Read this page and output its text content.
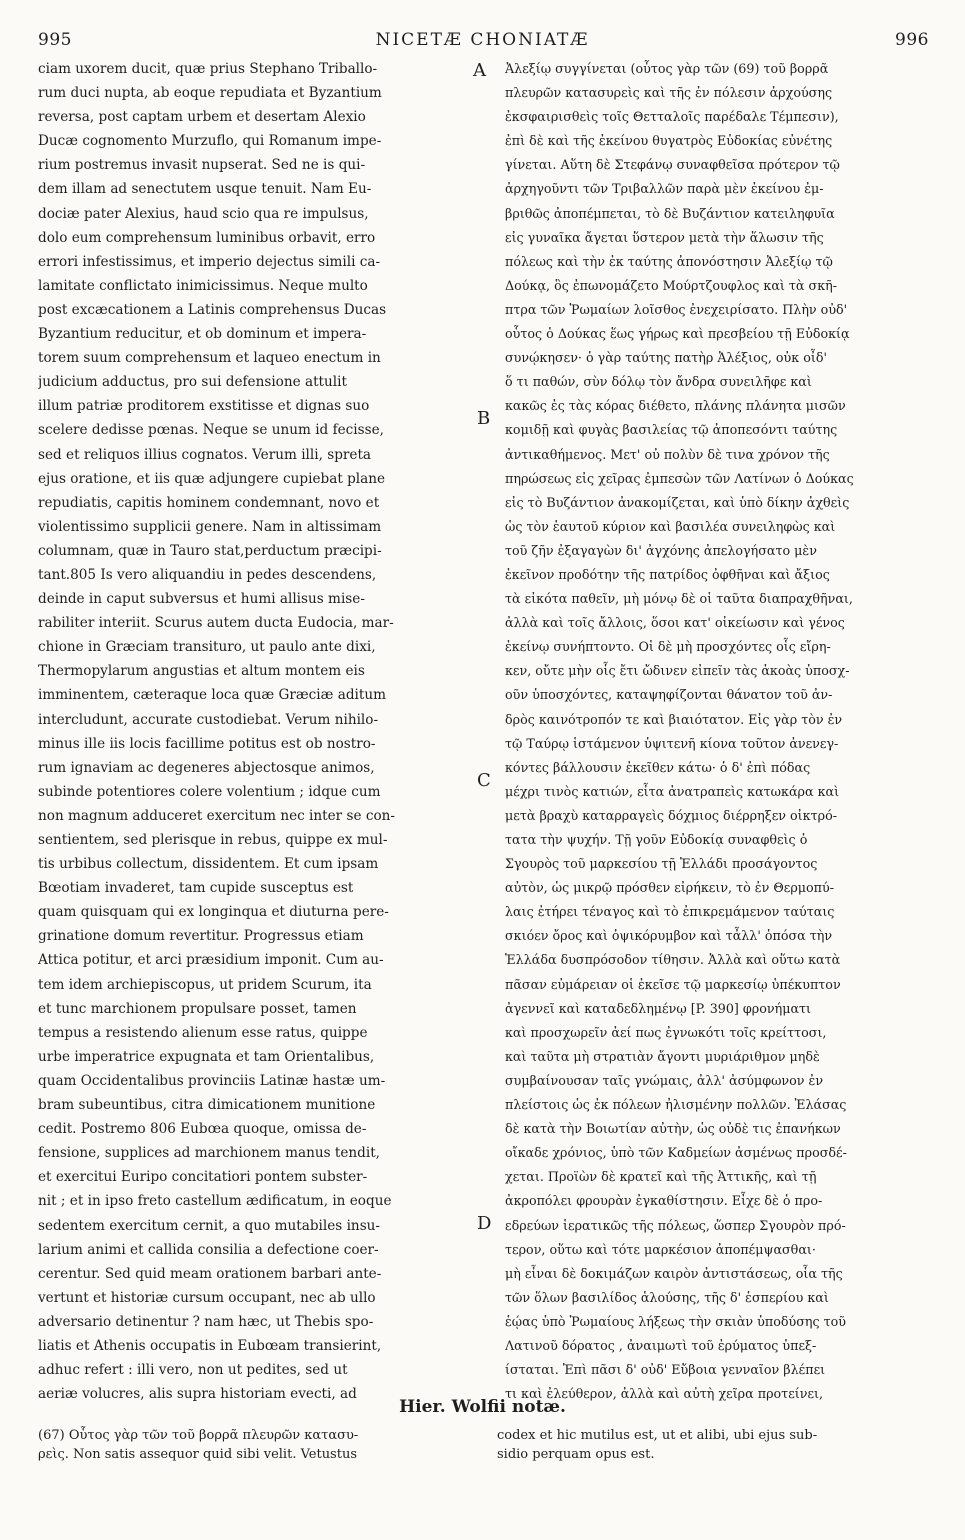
995	NICETÆ CHONIATÆ	996

ciam uxorem ducit, quæ prius Stephano Triballo-

rum duci nupta, ab eoque repudiata et Byzantium

reversa, post captam urbem et desertam Alexio

Ducæ cognomento Murzuflo, qui Romanum impe-

rium postremus invasit nupserat. Sed ne is qui-

dem illam ad senectutem usque tenuit. Nam Eu-

dociæ pater Alexius, haud scio qua re impulsus,

dolo eum comprehensum luminibus orbavit, erro

errori infestissimus, et imperio dejectus simili ca-

lamitate conflictato inimicissimus. Neque multo

post excæcationem a Latinis comprehensus Ducas

Byzantium reducitur, et ob dominum et impera-

torem suum comprehensum et laqueo enectum in

judicium adductus, pro sui defensione attulit

illum patriæ proditorem exstitisse et dignas suo

scelere dedisse pœnas. Neque se unum id fecisse,

sed et reliquos illius cognatos. Verum illi, spreta

ejus oratione, et iis quæ adjungere cupiebat plane

repudiatis, capitis hominem condemnant, novo et

violentissimo supplicii genere. Nam in altissimam

columnam, quæ in Tauro stat,perductum præcipi-

tant.805 Is vero aliquandiu in pedes descendens,

deinde in caput subversus et humi allisus mise-

rabiliter interiit. Scurus autem ducta Eudocia, mar-

chione in Græciam transituro, ut paulo ante dixi,

Thermopylarum angustias et altum montem eis

imminentem, cæteraque loca quæ Græciæ aditum

intercludunt, accurate custodiebat. Verum nihilo-

minus ille iis locis facillime potitus est ob nostro-

rum ignaviam ac degeneres abjectosque animos,

subinde potentiores colere volentium ; idque cum

non magnum adduceret exercitum nec inter se con-

sentientem, sed plerisque in rebus, quippe ex mul-

tis urbibus collectum, dissidentem. Et cum ipsam

Bœotiam invaderet, tam cupide susceptus est

quam quisquam qui ex longinqua et diuturna pere-

grinatione domum revertitur. Progressus etiam

Attica potitur, et arci præsidium imponit. Cum au-

tem idem archiepiscopus, ut pridem Scurum, ita

et tunc marchionem propulsare posset, tamen

tempus a resistendo alienum esse ratus, quippe

urbe imperatrice expugnata et tam Orientalibus,

quam Occidentalibus provinciis Latinæ hastæ um-

bram subeuntibus, citra dimicationem munitione

cedit. Postremo 806 Eubœa quoque, omissa de-

fensione, supplices ad marchionem manus tendit,

et exercitui Euripo concitatiori pontem subster-

nit ; et in ipso freto castellum ædificatum, in eoque

sedentem exercitum cernit, a quo mutabiles insu-

larium animi et callida consilia a defectione coer-

cerentur. Sed quid meam orationem barbari ante-

vertunt et historiæ cursum occupant, nec ab ullo

adversario detinentur ? nam hæc, ut Thebis spo-

liatis et Athenis occupatis in Eubœam transierint,

adhuc refert : illi vero, non ut pedites, sed ut

aeriæ volucres, alis supra historiam evecti, ad

A
B
C
D

Ἀλεξίῳ συγγίνεται (οὗτος γὰρ τῶν (69) τοῦ βορρᾶ

πλευρῶν κατασυρεὶς καὶ τῆς ἐν πόλεσιν ἀρχούσης

ἐκσφαιρισθεὶς τοῖς Θετταλοῖς παρέδαλε Τέμπεσιν),

ἐπὶ δὲ καὶ τῆς ἐκείνου θυγατρὸς Εὐδοκίας εὐνέτης

γίνεται. Αὕτη δὲ Στεφάνῳ συναφθεῖσα πρότερον τῷ

ἀρχηγοῦντι τῶν Τριβαλλῶν παρὰ μὲν ἐκείνου ἐμ-

βριθῶς ἀποπέμπεται, τὸ δὲ Βυζάντιον κατειληφυῖα

εἰς γυναῖκα ἄγεται ὕστερον μετὰ τὴν ἅλωσιν τῆς

πόλεως καὶ τὴν ἐκ ταύτης ἀπονόστησιν Ἀλεξίῳ τῷ

Δούκᾳ, ὃς ἐπωνομάζετο Μούρτζουφλος καὶ τὰ σκῆ-

πτρα τῶν Ῥωμαίων λοῖσθος ἐνεχειρίσατο. Πλὴν οὐδ'

οὗτος ὁ Δούκας ἕως γήρως καὶ πρεσβείου τῇ Εὐδοκίᾳ

συνῴκησεν· ὁ γὰρ ταύτης πατὴρ Ἀλέξιος, οὐκ οἶδ'

ὅ τι παθών, σὺν δόλῳ τὸν ἄνδρα συνειλῆφε καὶ

κακῶς ἐς τὰς κόρας διέθετο, πλάνης πλάνητα μισῶν

κομιδῇ καὶ φυγὰς βασιλείας τῷ ἀποπεσόντι ταύτης

ἀντικαθήμενος. Μετ' οὐ πολὺν δὲ τινα χρόνον τῆς

πηρώσεως εἰς χεῖρας ἐμπεσὼν τῶν Λατίνων ὁ Δούκας

εἰς τὸ Βυζάντιον ἀνακομίζεται, καὶ ὑπὸ δίκην ἀχθεὶς

ὡς τὸν ἑαυτοῦ κύριον καὶ βασιλέα συνειληφὼς καὶ

τοῦ ζῆν ἐξαγαγὼν δι' ἀγχόνης ἀπελογήσατο μὲν

ἐκεῖνον προδότην τῆς πατρίδος ὀφθῆναι καὶ ἄξιος

τὰ εἰκότα παθεῖν, μὴ μόνῳ δὲ οἱ ταῦτα διαπραχθῆναι,

ἀλλὰ καὶ τοῖς ἄλλοις, ὅσοι κατ' οἰκείωσιν καὶ γένος

ἐκείνῳ συνήπτοντο. Οἱ δὲ μὴ προσχόντες οἷς εἴρη-

κεν, οὔτε μὴν οἷς ἔτι ὤδινεν εἰπεῖν τὰς ἀκοὰς ὑποσχ-

οῦν ὑποσχόντες, καταψηφίζονται θάνατον τοῦ ἀν-

δρὸς καινότροπόν τε καὶ βιαιότατον. Εἰς γὰρ τὸν ἐν

τῷ Ταύρῳ ἱστάμενον ὑψιτενῆ κίονα τοῦτον ἀνενεγ-

κόντες βάλλουσιν ἐκεῖθεν κάτω· ὁ δ' ἐπὶ πόδας

μέχρι τινὸς κατιών, εἶτα ἀνατραπεὶς κατωκάρα καὶ

μετὰ βραχὺ καταρραγεὶς δόχμιος διέρρηξεν οἰκτρό-

τατα τὴν ψυχήν. Τῇ γοῦν Εὐδοκίᾳ συναφθεὶς ὁ

Σγουρὸς τοῦ μαρκεσίου τῇ Ἑλλάδι προσάγοντος

αὐτὸν, ὡς μικρῷ πρόσθεν εἰρήκειν, τὸ ἐν Θερμοπύ-

λαις ἐτήρει τέναγος καὶ τὸ ἐπικρεμάμενον ταύταις

σκιόεν ὄρος καὶ ὀψικόρυμβον καὶ τἆλλ' ὁπόσα τὴν

Ἑλλάδα δυσπρόσοδον τίθησιν. Ἀλλὰ καὶ οὕτω κατὰ

πᾶσαν εὐμάρειαν οἱ ἐκεῖσε τῷ μαρκεσίῳ ὑπέκυπτον

ἀγεννεῖ καὶ καταδεδλημένῳ [P. 390] φρονήματι

καὶ προσχωρεῖν ἀεί πως ἐγνωκότι τοῖς κρείττοσι,

καὶ ταῦτα μὴ στρατιὰν ἄγοντι μυριάριθμον μηδὲ

συμβαίνουσαν ταῖς γνώμαις, ἀλλ' ἀσύμφωνον ἐν

πλείστοις ὡς ἐκ πόλεων ἠλισμένην πολλῶν. Ἐλάσας

δὲ κατὰ τὴν Βοιωτίαν αὐτὴν, ὡς οὐδὲ τις ἐπανήκων

οἴκαδε χρόνιος, ὑπὸ τῶν Καδμείων ἀσμένως προσδέ-

χεται. Προϊὼν δὲ κρατεῖ καὶ τῆς Ἀττικῆς, καὶ τῇ

ἀκροπόλει φρουρὰν ἐγκαθίστησιν. Εἶχε δὲ ὁ προ-

εδρεύων ἱερατικῶς τῆς πόλεως, ὥσπερ Σγουρὸν πρό-

τερον, οὕτω καὶ τότε μαρκέσιον ἀποπέμψασθαι·

μὴ εἶναι δὲ δοκιμάζων καιρὸν ἀντιστάσεως, οἷα τῆς

τῶν ὅλων βασιλίδος ἁλούσης, τῆς δ' ἑσπερίου καὶ

ἑῴας ὑπὸ Ῥωμαίους λήξεως τὴν σκιὰν ὑποδύσης τοῦ

Λατινοῦ δόρατος , ἀναιμωτὶ τοῦ ἐρύματος ὑπεξ-

ίσταται. Ἐπὶ πᾶσι δ' οὐδ' Εὔβοια γενναῖον βλέπει

τι καὶ ἐλεύθερον, ἀλλὰ καὶ αὐτὴ χεῖρα προτείνει,

Hier. Wolfii notæ.

(67) Οὗτος γὰρ τῶν τοῦ βορρᾶ πλευρῶν κατασυ-

ρεὶς. Non satis assequor quid sibi velit. Vetustus

codex et hic mutilus est, ut et alibi, ubi ejus sub-

sidio perquam opus est.
